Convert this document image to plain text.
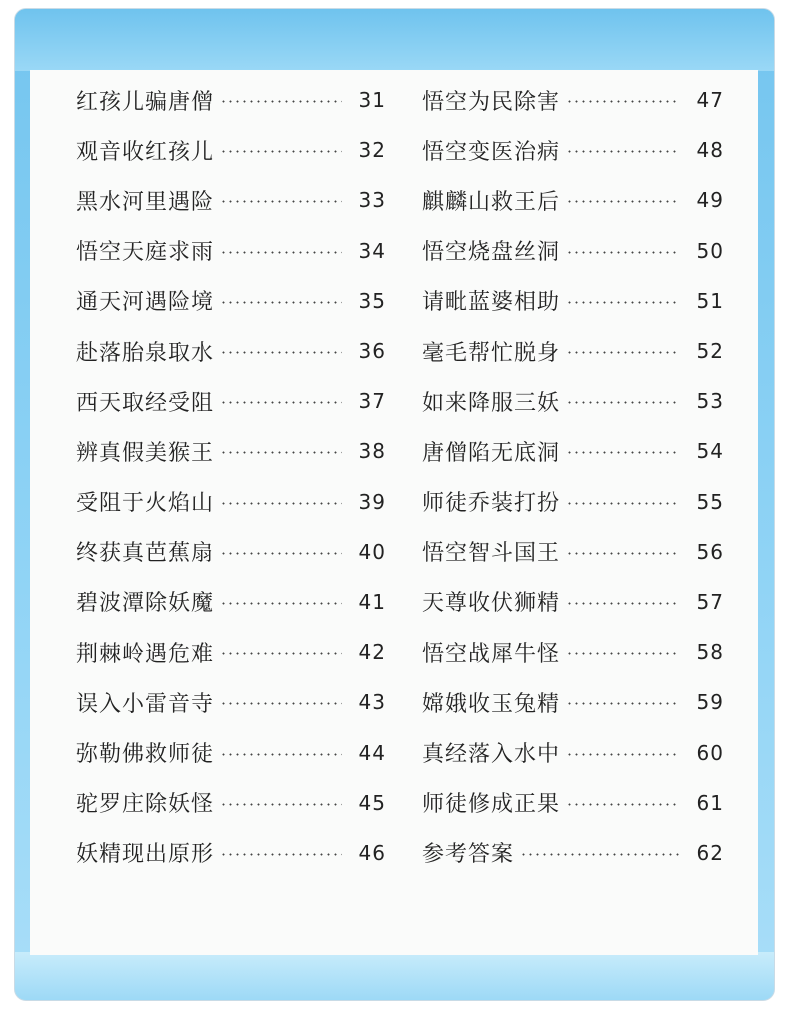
红孩儿骗唐僧	31
观音收红孩儿	32
黑水河里遇险	33
悟空天庭求雨	34
通天河遇险境	35
赴落胎泉取水	36
西天取经受阻	37
辨真假美猴王	38
受阻于火焰山	39
终获真芭蕉扇	40
碧波潭除妖魔	41
荆棘岭遇危难	42
误入小雷音寺	43
弥勒佛救师徒	44
驼罗庄除妖怪	45
妖精现出原形	46
悟空为民除害	47
悟空变医治病	48
麒麟山救王后	49
悟空烧盘丝洞	50
请毗蓝婆相助	51
毫毛帮忙脱身	52
如来降服三妖	53
唐僧陷无底洞	54
师徒乔装打扮	55
悟空智斗国王	56
天尊收伏狮精	57
悟空战犀牛怪	58
嫦娥收玉兔精	59
真经落入水中	60
师徒修成正果	61
参考答案	62
